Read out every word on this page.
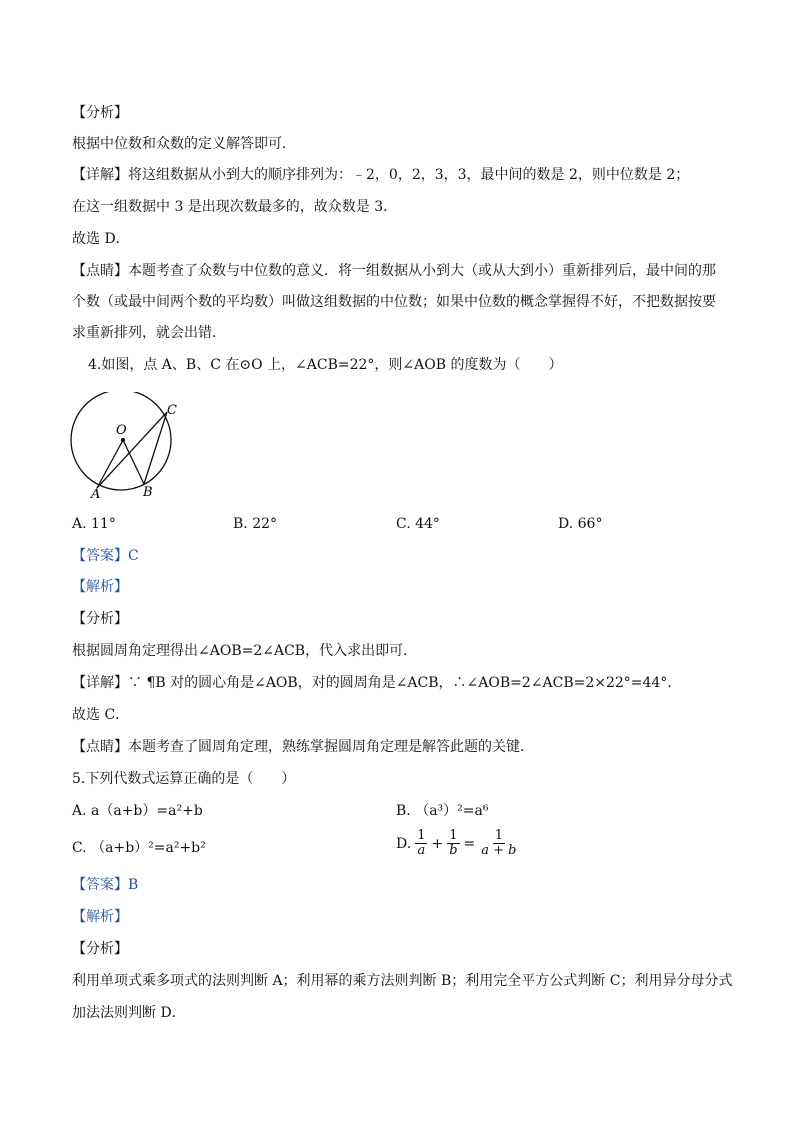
【分析】
根据中位数和众数的定义解答即可．
【详解】将这组数据从小到大的顺序排列为：﹣2，0，2，3，3，最中间的数是 2，则中位数是 2；
在这一组数据中 3 是出现次数最多的，故众数是 3．
故选 D．
【点睛】本题考查了众数与中位数的意义．将一组数据从小到大（或从大到小）重新排列后，最中间的那
个数（或最中间两个数的平均数）叫做这组数据的中位数；如果中位数的概念掌握得不好，不把数据按要
求重新排列，就会出错．
4.如图，点 A、B、C 在⊙O 上，∠ACB=22°，则∠AOB 的度数为（　　）
O
A	B
C
A. 11°	B. 22°	C. 44°	D. 66°
【答案】C
【解析】
【分析】
根据圆周角定理得出∠AOB=2∠ACB，代入求出即可．
【详解】∵ ¶B 对的圆心角是∠AOB，对的圆周角是∠ACB，∴∠AOB=2∠ACB=2×22°=44°．
故选 C．
【点睛】本题考查了圆周角定理，熟练掌握圆周角定理是解答此题的关键．
5.下列代数式运算正确的是（　　）
A. a（a+b）=a²+b	B. （a³）²=a⁶
C. （a+b）²=a²+b²	D. $\frac{1}{a} + \frac{1}{b} = \frac{1}{a + b}$
【答案】B
【解析】
【分析】
利用单项式乘多项式的法则判断 A；利用幂的乘方法则判断 B；利用完全平方公式判断 C；利用异分母分式
加法法则判断 D．
